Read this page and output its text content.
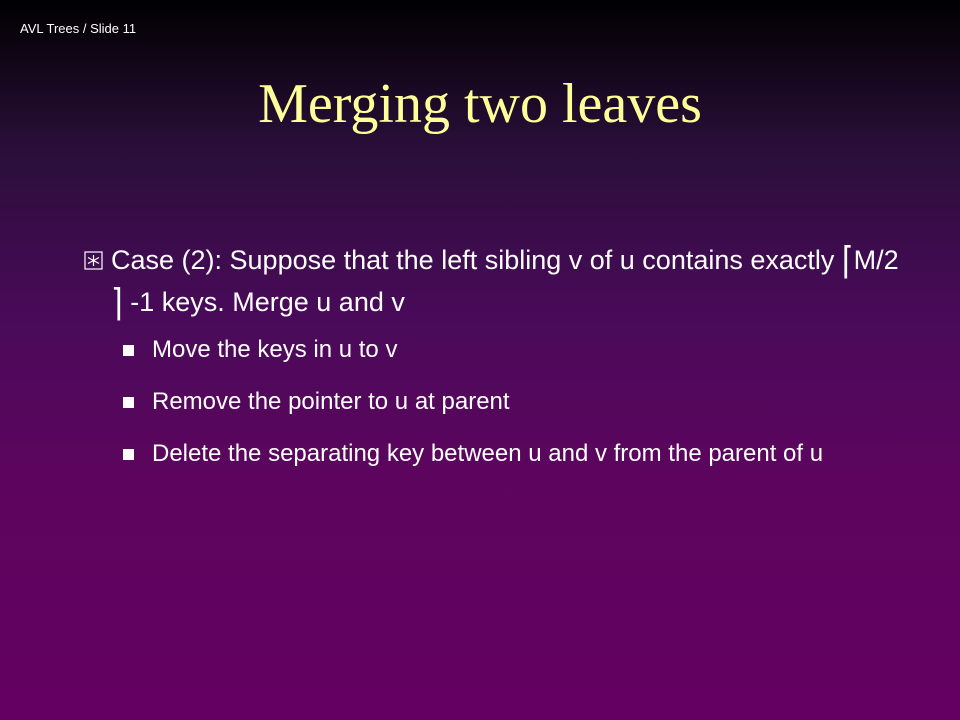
AVL Trees / Slide 11
Merging two leaves
Case (2): Suppose that the left sibling v of u contains exactly ⌈M/2⌉ -1 keys. Merge u and v
Move the keys in u to v
Remove the pointer to u at parent
Delete the separating key between u and v from the parent of u
